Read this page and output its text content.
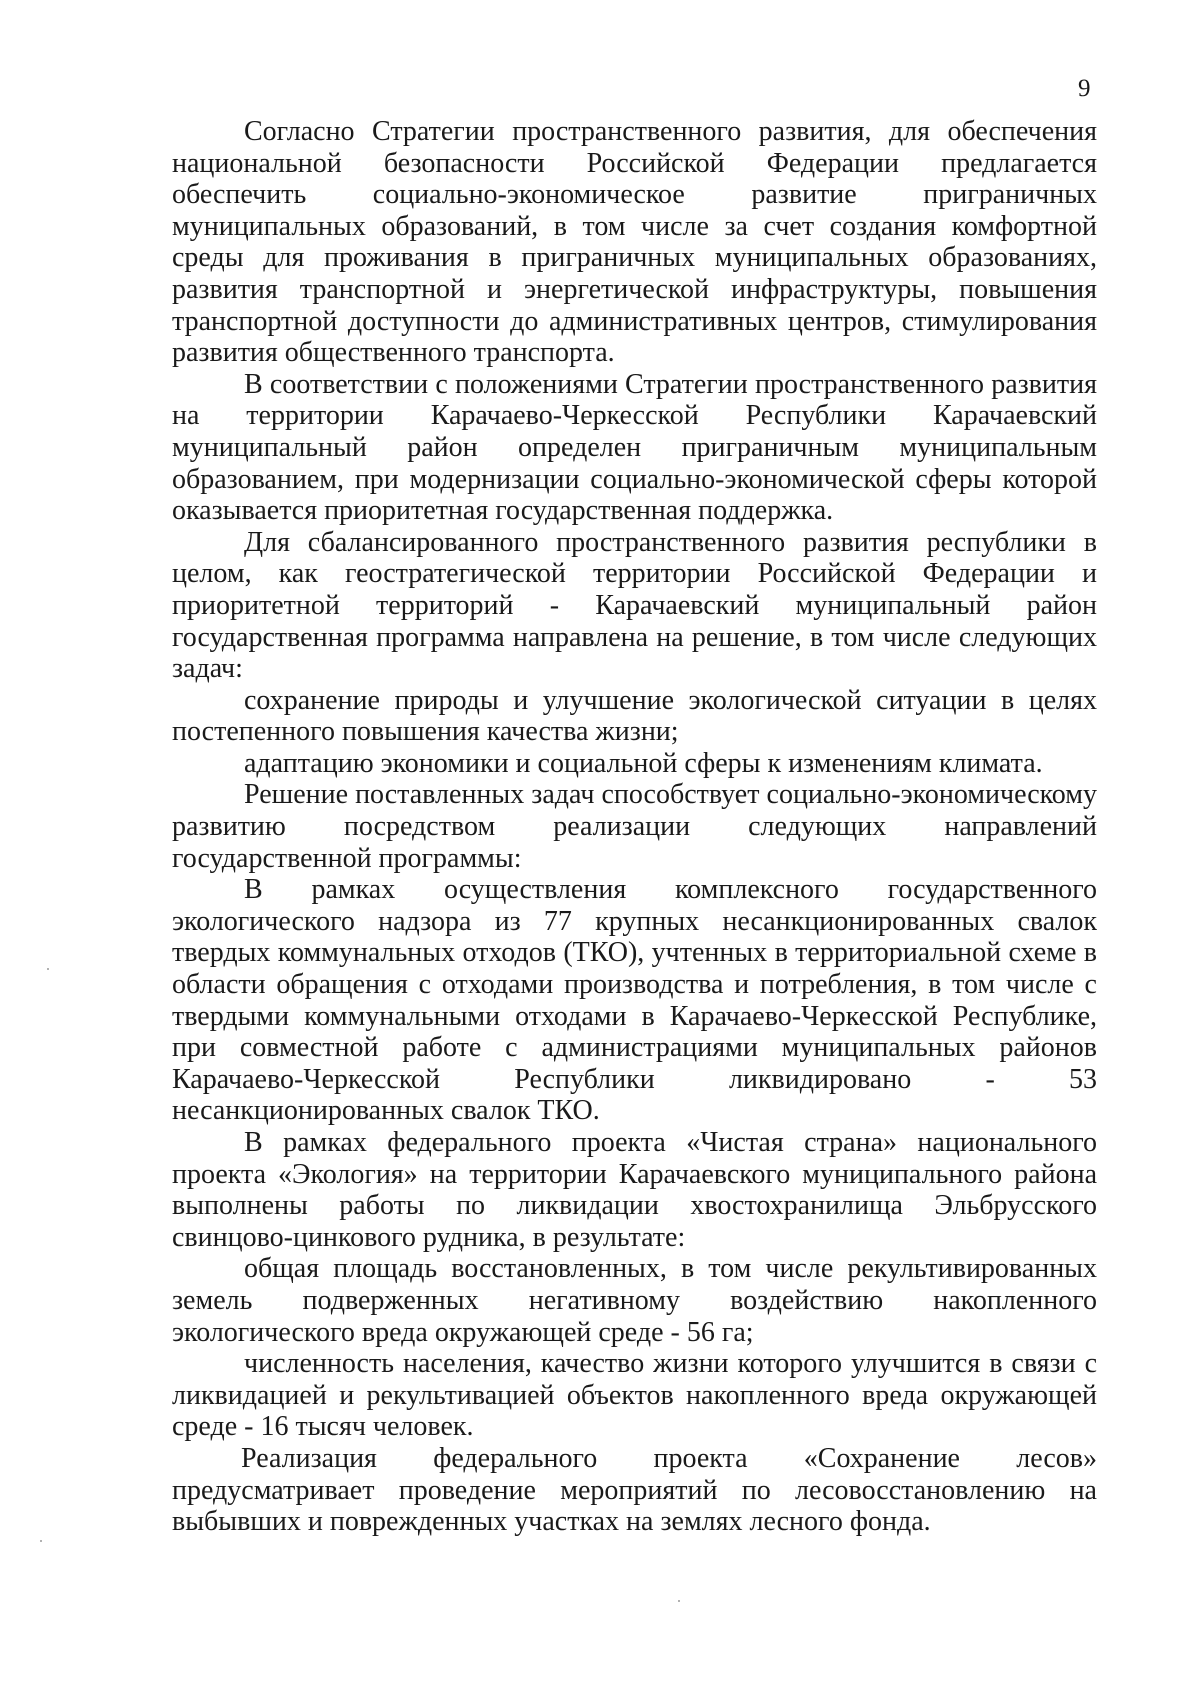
9

Согласно Стратегии пространственного развития, для обеспечения национальной безопасности Российской Федерации предлагается обеспечить социально-экономическое развитие приграничных муниципальных образований, в том числе за счет создания комфортной среды для проживания в приграничных муниципальных образованиях, развития транспортной и энергетической инфраструктуры, повышения транспортной доступности до административных центров, стимулирования развития общественного транспорта.

В соответствии с положениями Стратегии пространственного развития на территории Карачаево-Черкесской Республики Карачаевский муниципальный район определен приграничным муниципальным образованием, при модернизации социально-экономической сферы которой оказывается приоритетная государственная поддержка.

Для сбалансированного пространственного развития республики в целом, как геостратегической территории Российской Федерации и приоритетной территорий - Карачаевский муниципальный район государственная программа направлена на решение, в том числе следующих задач:

сохранение природы и улучшение экологической ситуации в целях постепенного повышения качества жизни;

адаптацию экономики и социальной сферы к изменениям климата.

Решение поставленных задач способствует социально-экономическому развитию посредством реализации следующих направлений государственной программы:

В рамках осуществления комплексного государственного экологического надзора из 77 крупных несанкционированных свалок твердых коммунальных отходов (ТКО), учтенных в территориальной схеме в области обращения с отходами производства и потребления, в том числе с твердыми коммунальными отходами в Карачаево-Черкесской Республике, при совместной работе с администрациями муниципальных районов Карачаево-Черкесской Республики ликвидировано - 53 несанкционированных свалок ТКО.

В рамках федерального проекта «Чистая страна» национального проекта «Экология» на территории Карачаевского муниципального района выполнены работы по ликвидации хвостохранилища Эльбрусского свинцово-цинкового рудника, в результате:

общая площадь восстановленных, в том числе рекультивированных земель подверженных негативному воздействию накопленного экологического вреда окружающей среде - 56 га;

численность населения, качество жизни которого улучшится в связи с ликвидацией и рекультивацией объектов накопленного вреда окружающей среде - 16 тысяч человек.

Реализация федерального проекта «Сохранение лесов» предусматривает проведение мероприятий по лесовосстановлению на выбывших и поврежденных участках на землях лесного фонда.
